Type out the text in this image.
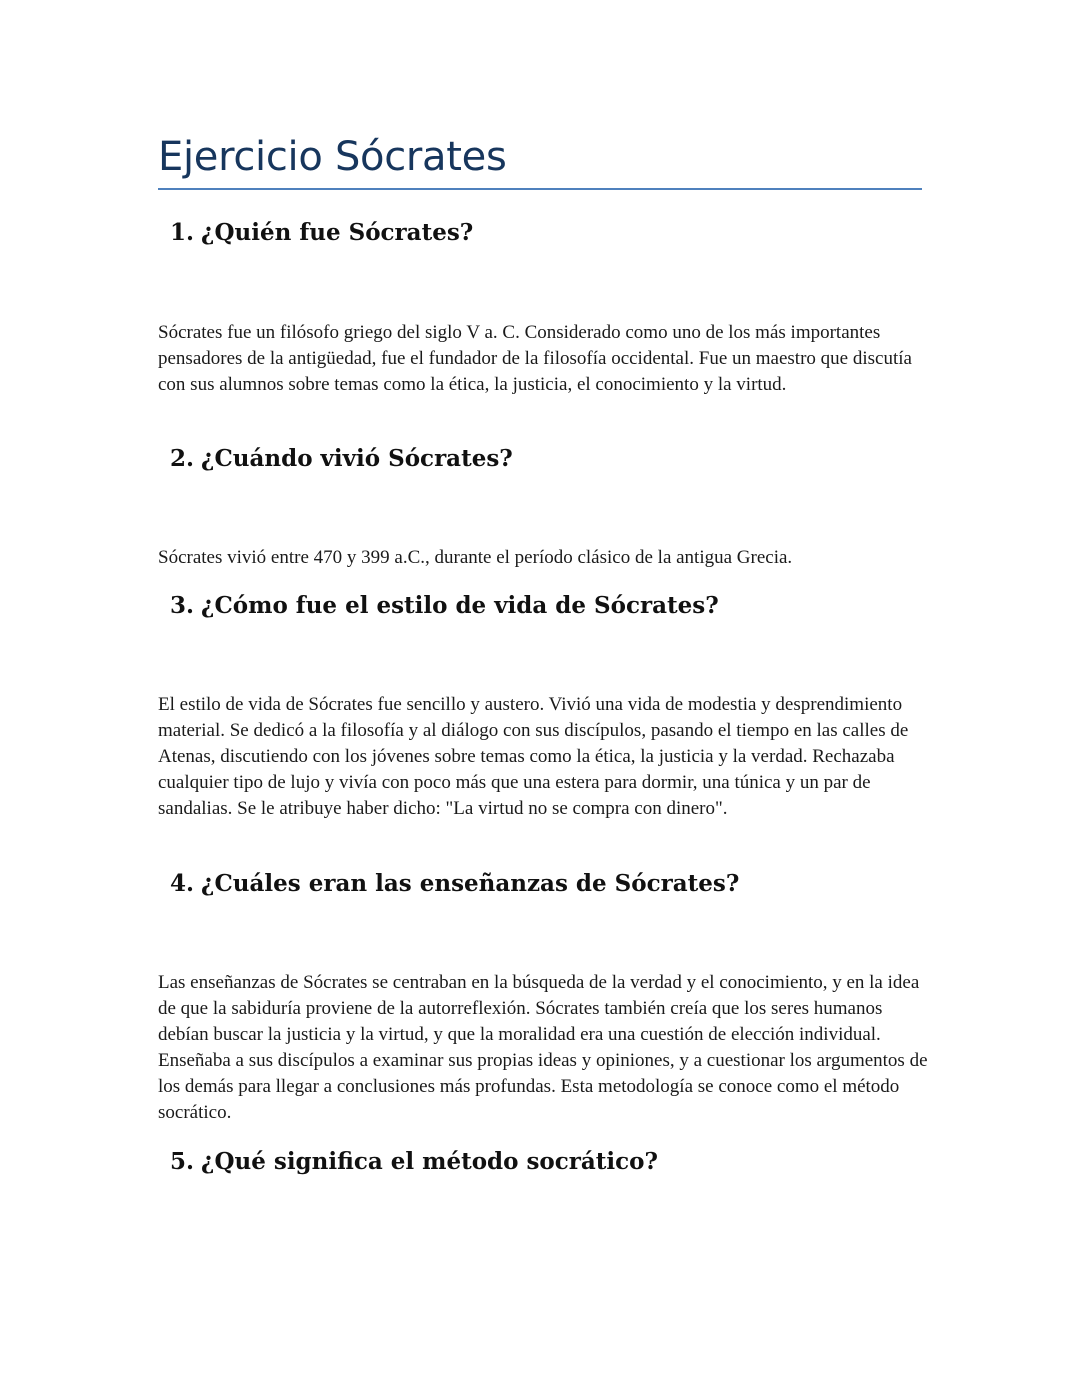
Ejercicio Sócrates
1. ¿Quién fue Sócrates?

Sócrates fue un filósofo griego del siglo V a. C. Considerado como uno de los más importantes pensadores de la antigüedad, fue el fundador de la filosofía occidental. Fue un maestro que discutía con sus alumnos sobre temas como la ética, la justicia, el conocimiento y la virtud.

2. ¿Cuándo vivió Sócrates?

Sócrates vivió entre 470 y 399 a.C., durante el período clásico de la antigua Grecia.

3. ¿Cómo fue el estilo de vida de Sócrates?

El estilo de vida de Sócrates fue sencillo y austero. Vivió una vida de modestia y desprendimiento material. Se dedicó a la filosofía y al diálogo con sus discípulos, pasando el tiempo en las calles de Atenas, discutiendo con los jóvenes sobre temas como la ética, la justicia y la verdad. Rechazaba cualquier tipo de lujo y vivía con poco más que una estera para dormir, una túnica y un par de sandalias. Se le atribuye haber dicho: "La virtud no se compra con dinero".

4. ¿Cuáles eran las enseñanzas de Sócrates?

Las enseñanzas de Sócrates se centraban en la búsqueda de la verdad y el conocimiento, y en la idea de que la sabiduría proviene de la autorreflexión. Sócrates también creía que los seres humanos debían buscar la justicia y la virtud, y que la moralidad era una cuestión de elección individual. Enseñaba a sus discípulos a examinar sus propias ideas y opiniones, y a cuestionar los argumentos de los demás para llegar a conclusiones más profundas. Esta metodología se conoce como el método socrático.

5. ¿Qué significa el método socrático?
